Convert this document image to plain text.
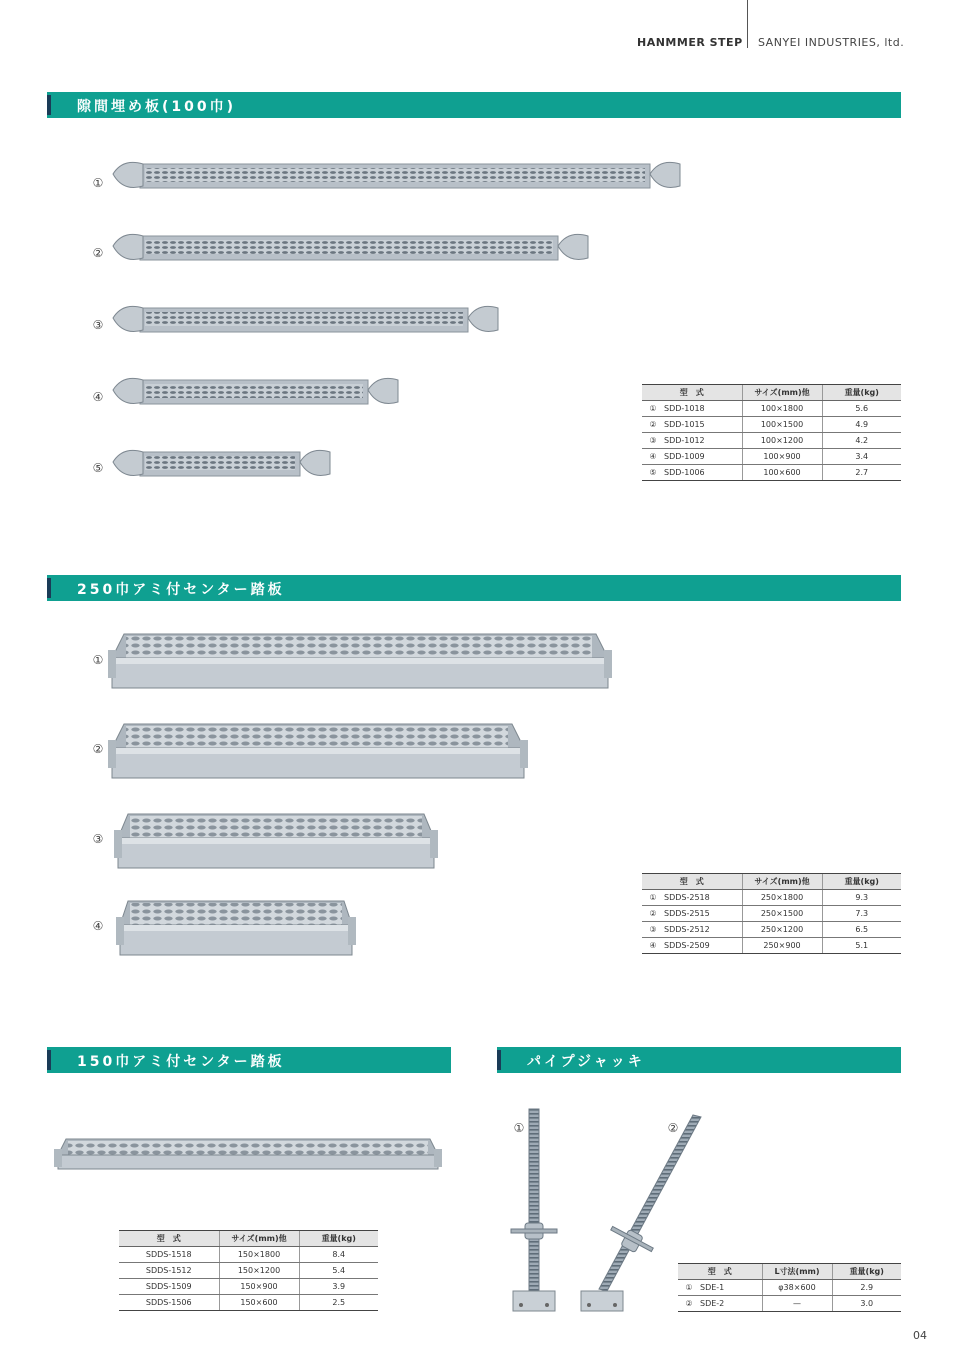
HANMMER STEP SANYEI INDUSTRIES, ltd.
隙間埋め板(100巾)
①
②
③
④
⑤
型　式	サイズ(mm)他	重量(kg)
① SDD-1018	100×1800	5.6
② SDD-1015	100×1500	4.9
③ SDD-1012	100×1200	4.2
④ SDD-1009	100×900	3.4
⑤ SDD-1006	100×600	2.7
250巾アミ付センター踏板
①
②
③
④
型　式	サイズ(mm)他	重量(kg)
① SDDS-2518	250×1800	9.3
② SDDS-2515	250×1500	7.3
③ SDDS-2512	250×1200	6.5
④ SDDS-2509	250×900	5.1
150巾アミ付センター踏板
型　式	サイズ(mm)他	重量(kg)
SDDS-1518	150×1800	8.4
SDDS-1512	150×1200	5.4
SDDS-1509	150×900	3.9
SDDS-1506	150×600	2.5
パイプジャッキ
①	②
型　式	L寸法(mm)	重量(kg)
① SDE-1	φ38×600	2.9
② SDE-2	—	3.0
04
